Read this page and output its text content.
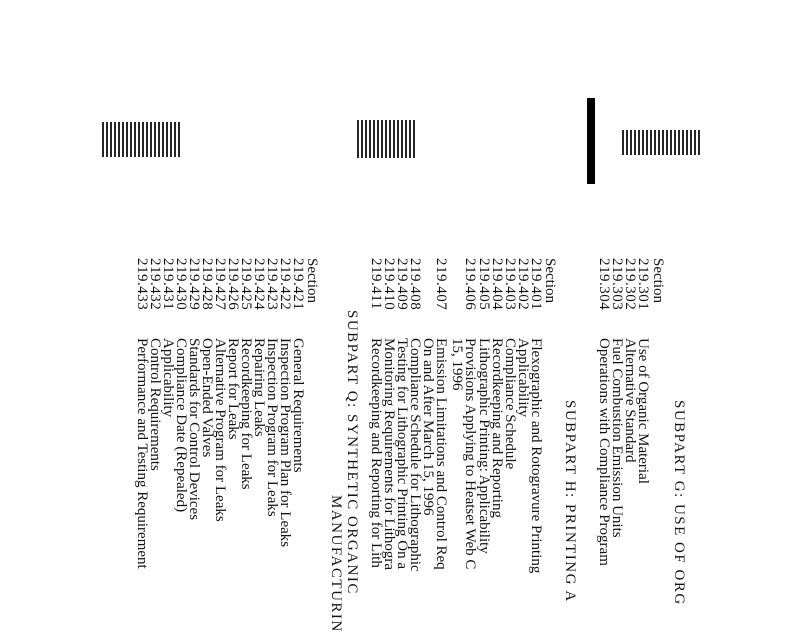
SUBPART G: USE OF ORG
Section
219.301
Use of Organic Material
219.302
Alternative Standard
219.303
Fuel Combustion Emission Units
219.304
Operations with Compliance Program
SUBPART H: PRINTING A
Section
219.401
Flexographic and Rotogravure Printing
219.402
Applicability
219.403
Compliance Schedule
219.404
Recordkeeping and Reporting
219.405
Lithographic Printing: Applicability
219.406
Provisions Applying to Heatset Web C
15, 1996
219.407
Emission Limitations and Control Req
On and After March 15, 1996
219.408
Compliance Schedule for Lithographic
219.409
Testing for Lithographic Printing On a
219.410
Monitoring Requirements for Lithogra
219.411
Recordkeeping and Reporting for Lith
SUBPART Q: SYNTHETIC ORGANIC
MANUFACTURIN
Section
219.421
General Requirements
219.422
Inspection Program Plan for Leaks
219.423
Inspection Program for Leaks
219.424
Repairing Leaks
219.425
Recordkeeping for Leaks
219.426
Report for Leaks
219.427
Alternative Program for Leaks
219.428
Open-Ended Valves
219.429
Standards for Control Devices
219.430
Compliance Date (Repealed)
219.431
Applicability
219.432
Control Requirements
219.433
Performance and Testing Requirement
